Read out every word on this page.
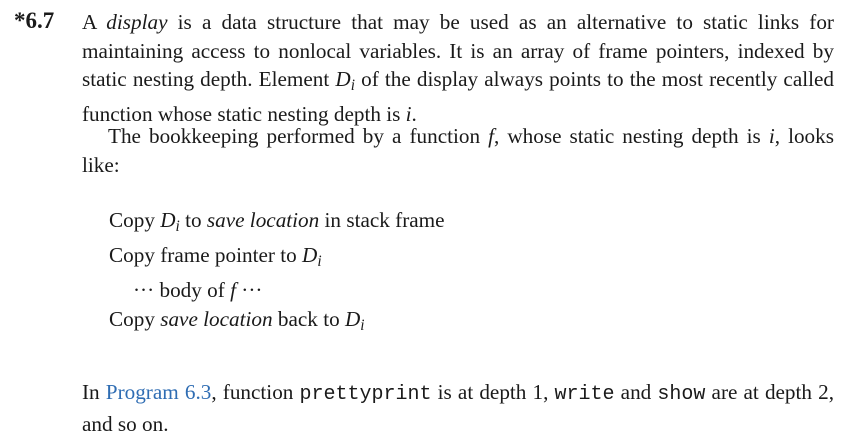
*6.7 A display is a data structure that may be used as an alternative to static links for maintaining access to nonlocal variables. It is an array of frame pointers, indexed by static nesting depth. Element $D_i$ of the display always points to the most recently called function whose static nesting depth is i.
The bookkeeping performed by a function f, whose static nesting depth is i, looks like:
Copy $D_i$ to save location in stack frame
Copy frame pointer to $D_i$
··· body of f ···
Copy save location back to $D_i$
In Program 6.3, function prettyprint is at depth 1, write and show are at depth 2, and so on.
